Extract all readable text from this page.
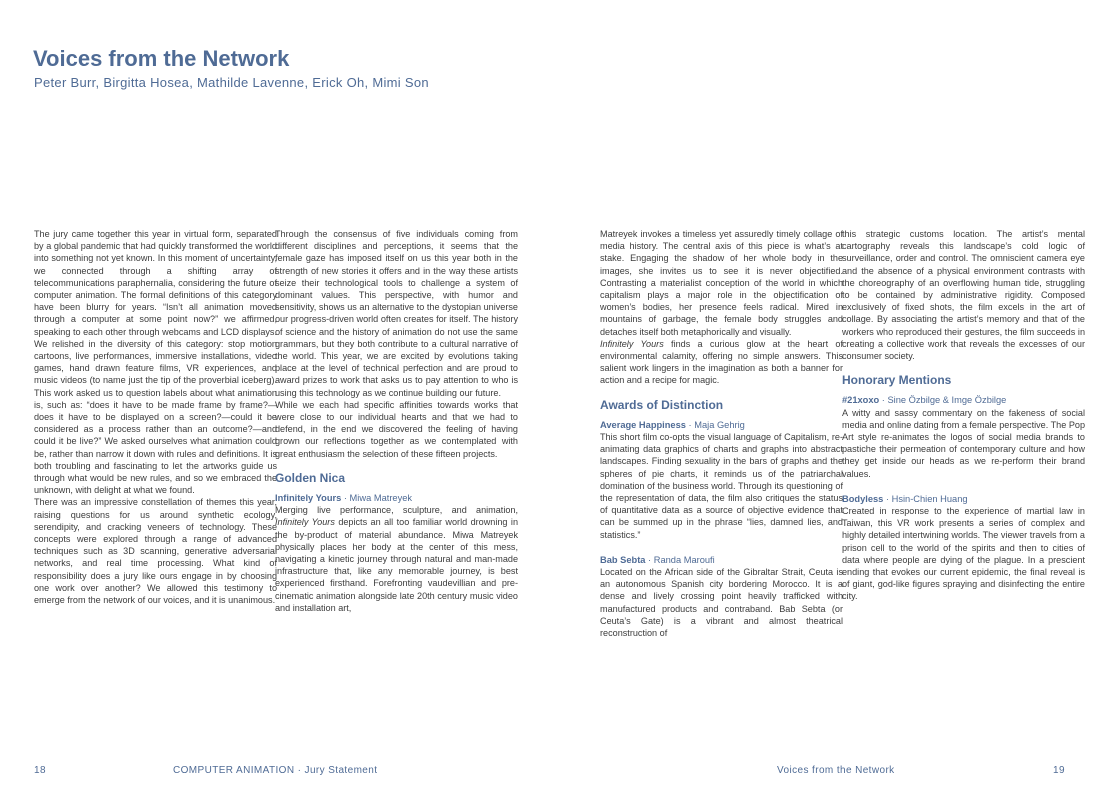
Voices from the Network
Peter Burr, Birgitta Hosea, Mathilde Lavenne, Erick Oh, Mimi Son

The jury came together this year in virtual form, separated by a global pandemic that had quickly transformed the world into something not yet known. In this moment of uncertainty, we connected through a shifting array of telecommunications paraphernalia, considering the future of computer animation. The formal definitions of this category have been blurry for years. “Isn’t all animation moved through a computer at some point now?” we affirmed, speaking to each other through webcams and LCD displays. We relished in the diversity of this category: stop motion cartoons, live performances, immersive installations, video games, hand drawn feature films, VR experiences, and music videos (to name just the tip of the proverbial iceberg). This work asked us to question labels about what animation is, such as: “does it have to be made frame by frame?—does it have to be displayed on a screen?—could it be considered as a process rather than an outcome?—and could it be live?” We asked ourselves what animation could be, rather than narrow it down with rules and definitions. It is both troubling and fascinating to let the artworks guide us through what would be new rules, and so we embraced the unknown, with delight at what we found.

There was an impressive constellation of themes this year, raising questions for us around synthetic ecology, serendipity, and cracking veneers of technology. These concepts were explored through a range of advanced techniques such as 3D scanning, generative adversarial networks, and real time processing. What kind of responsibility does a jury like ours engage in by choosing one work over another? We allowed this testimony to emerge from the network of our voices, and it is unanimous.

Through the consensus of five individuals coming from different disciplines and perceptions, it seems that the female gaze has imposed itself on us this year both in the strength of new stories it offers and in the way these artists seize their technological tools to challenge a system of dominant values. This perspective, with humor and sensitivity, shows us an alternative to the dystopian universe our progress-driven world often creates for itself. The history of science and the history of animation do not use the same grammars, but they both contribute to a cultural narrative of the world. This year, we are excited by evolutions taking place at the level of technical perfection and are proud to award prizes to work that asks us to pay attention to who is using this technology as we continue building our future.

While we each had specific affinities towards works that were close to our individual hearts and that we had to defend, in the end we discovered the feeling of having grown our reflections together as we contemplated with great enthusiasm the selection of these fifteen projects.

Golden Nica
Infinitely Yours · Miwa Matreyek

Merging live performance, sculpture, and animation, Infinitely Yours depicts an all too familiar world drowning in the by-product of material abundance. Miwa Matreyek physically places her body at the center of this mess, navigating a kinetic journey through natural and man-made infrastructure that, like any memorable journey, is best experienced firsthand. Forefronting vaudevillian and pre-cinematic animation alongside late 20th century music video and installation art,

Matreyek invokes a timeless yet assuredly timely collage of media history. The central axis of this piece is what’s at stake. Engaging the shadow of her whole body in the images, she invites us to see it is never objectified. Contrasting a materialist conception of the world in which capitalism plays a major role in the objectification of women’s bodies, her presence feels radical. Mired in mountains of garbage, the female body struggles and detaches itself both metaphorically and visually.

Infinitely Yours finds a curious glow at the heart of environmental calamity, offering no simple answers. This salient work lingers in the imagination as both a banner for action and a recipe for magic.

Awards of Distinction
Average Happiness · Maja Gehrig

This short film co-opts the visual language of Capitalism, re-animating data graphics of charts and graphs into abstract landscapes. Finding sexuality in the bars of graphs and the spheres of pie charts, it reminds us of the patriarchal domination of the business world. Through its questioning of the representation of data, the film also critiques the status of quantitative data as a source of objective evidence that can be summed up in the phrase “lies, damned lies, and statistics.”

Bab Sebta · Randa Maroufi

Located on the African side of the Gibraltar Strait, Ceuta is an autonomous Spanish city bordering Morocco. It is a dense and lively crossing point heavily trafficked with manufactured products and contraband. Bab Sebta (or Ceuta’s Gate) is a vibrant and almost theatrical reconstruction of

this strategic customs location. The artist’s mental cartography reveals this landscape’s cold logic of surveillance, order and control. The omniscient camera eye and the absence of a physical environment contrasts with the choreography of an overflowing human tide, struggling to be contained by administrative rigidity. Composed exclusively of fixed shots, the film excels in the art of collage. By associating the artist’s memory and that of the workers who reproduced their gestures, the film succeeds in creating a collective work that reveals the excesses of our consumer society.

Honorary Mentions
#21xoxo · Sine Özbilge & Imge Özbilge

A witty and sassy commentary on the fakeness of social media and online dating from a female perspective. The Pop Art style re-animates the logos of social media brands to pastiche their permeation of contemporary culture and how they get inside our heads as we re-perform their brand values.

Bodyless · Hsin-Chien Huang

Created in response to the experience of martial law in Taiwan, this VR work presents a series of complex and highly detailed intertwining worlds. The viewer travels from a prison cell to the world of the spirits and then to cities of data where people are dying of the plague. In a prescient ending that evokes our current epidemic, the final reveal is of giant, god-like figures spraying and disinfecting the entire city.

18	COMPUTER ANIMATION · Jury Statement	Voices from the Network	19
